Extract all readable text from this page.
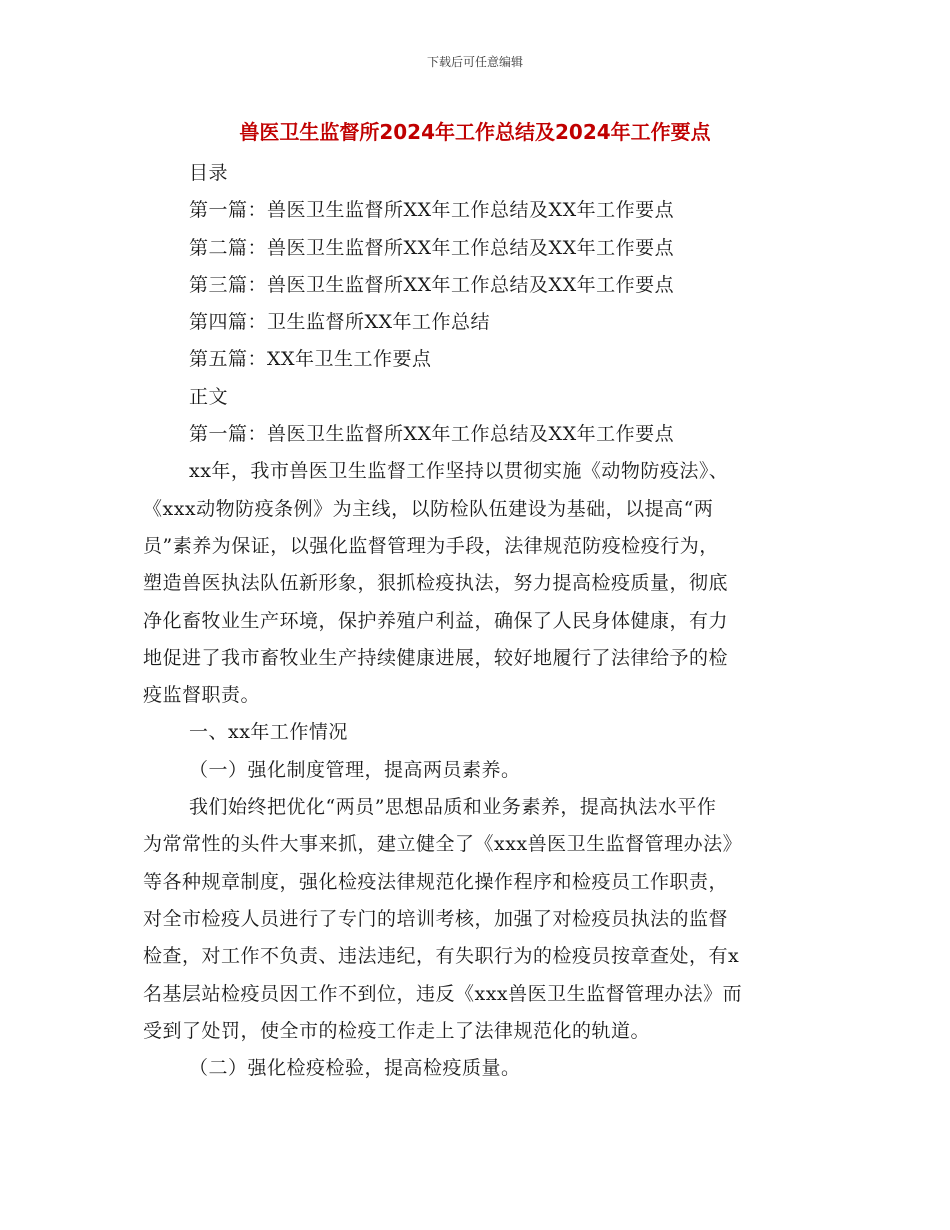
下载后可任意编辑
兽医卫生监督所2024年工作总结及2024年工作要点
目录
第一篇：兽医卫生监督所XX年工作总结及XX年工作要点
第二篇：兽医卫生监督所XX年工作总结及XX年工作要点
第三篇：兽医卫生监督所XX年工作总结及XX年工作要点
第四篇：卫生监督所XX年工作总结
第五篇：XX年卫生工作要点
正文
第一篇：兽医卫生监督所XX年工作总结及XX年工作要点
xx年，我市兽医卫生监督工作坚持以贯彻实施《动物防疫法》、
《xxx动物防疫条例》为主线，以防检队伍建设为基础，以提高“两
员”素养为保证，以强化监督管理为手段，法律规范防疫检疫行为，
塑造兽医执法队伍新形象，狠抓检疫执法，努力提高检疫质量，彻底
净化畜牧业生产环境，保护养殖户利益，确保了人民身体健康，有力
地促进了我市畜牧业生产持续健康进展，较好地履行了法律给予的检
疫监督职责。
一、xx年工作情况
（一）强化制度管理，提高两员素养。
我们始终把优化“两员”思想品质和业务素养，提高执法水平作
为常常性的头件大事来抓，建立健全了《xxx兽医卫生监督管理办法》
等各种规章制度，强化检疫法律规范化操作程序和检疫员工作职责，
对全市检疫人员进行了专门的培训考核，加强了对检疫员执法的监督
检查，对工作不负责、违法违纪，有失职行为的检疫员按章查处，有x
名基层站检疫员因工作不到位，违反《xxx兽医卫生监督管理办法》而
受到了处罚，使全市的检疫工作走上了法律规范化的轨道。
（二）强化检疫检验，提高检疫质量。
